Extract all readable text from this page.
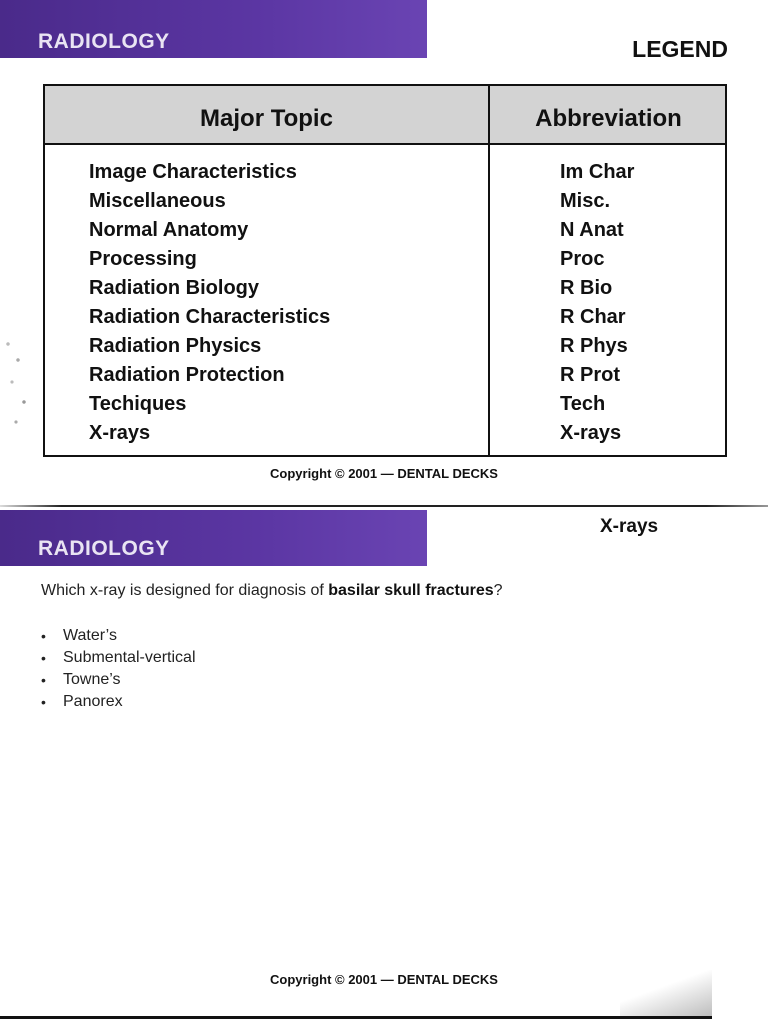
RADIOLOGY	LEGEND
Major Topic	Abbreviation
Image Characteristics	Im Char
Miscellaneous	Misc.
Normal Anatomy	N Anat
Processing	Proc
Radiation Biology	R Bio
Radiation Characteristics	R Char
Radiation Physics	R Phys
Radiation Protection	R Prot
Techiques	Tech
X-rays	X-rays
Copyright © 2001 — DENTAL DECKS
RADIOLOGY
X-rays
Which x-ray is designed for diagnosis of basilar skull fractures?
• Water’s
• Submental-vertical
• Towne’s
• Panorex
Copyright © 2001 — DENTAL DECKS
